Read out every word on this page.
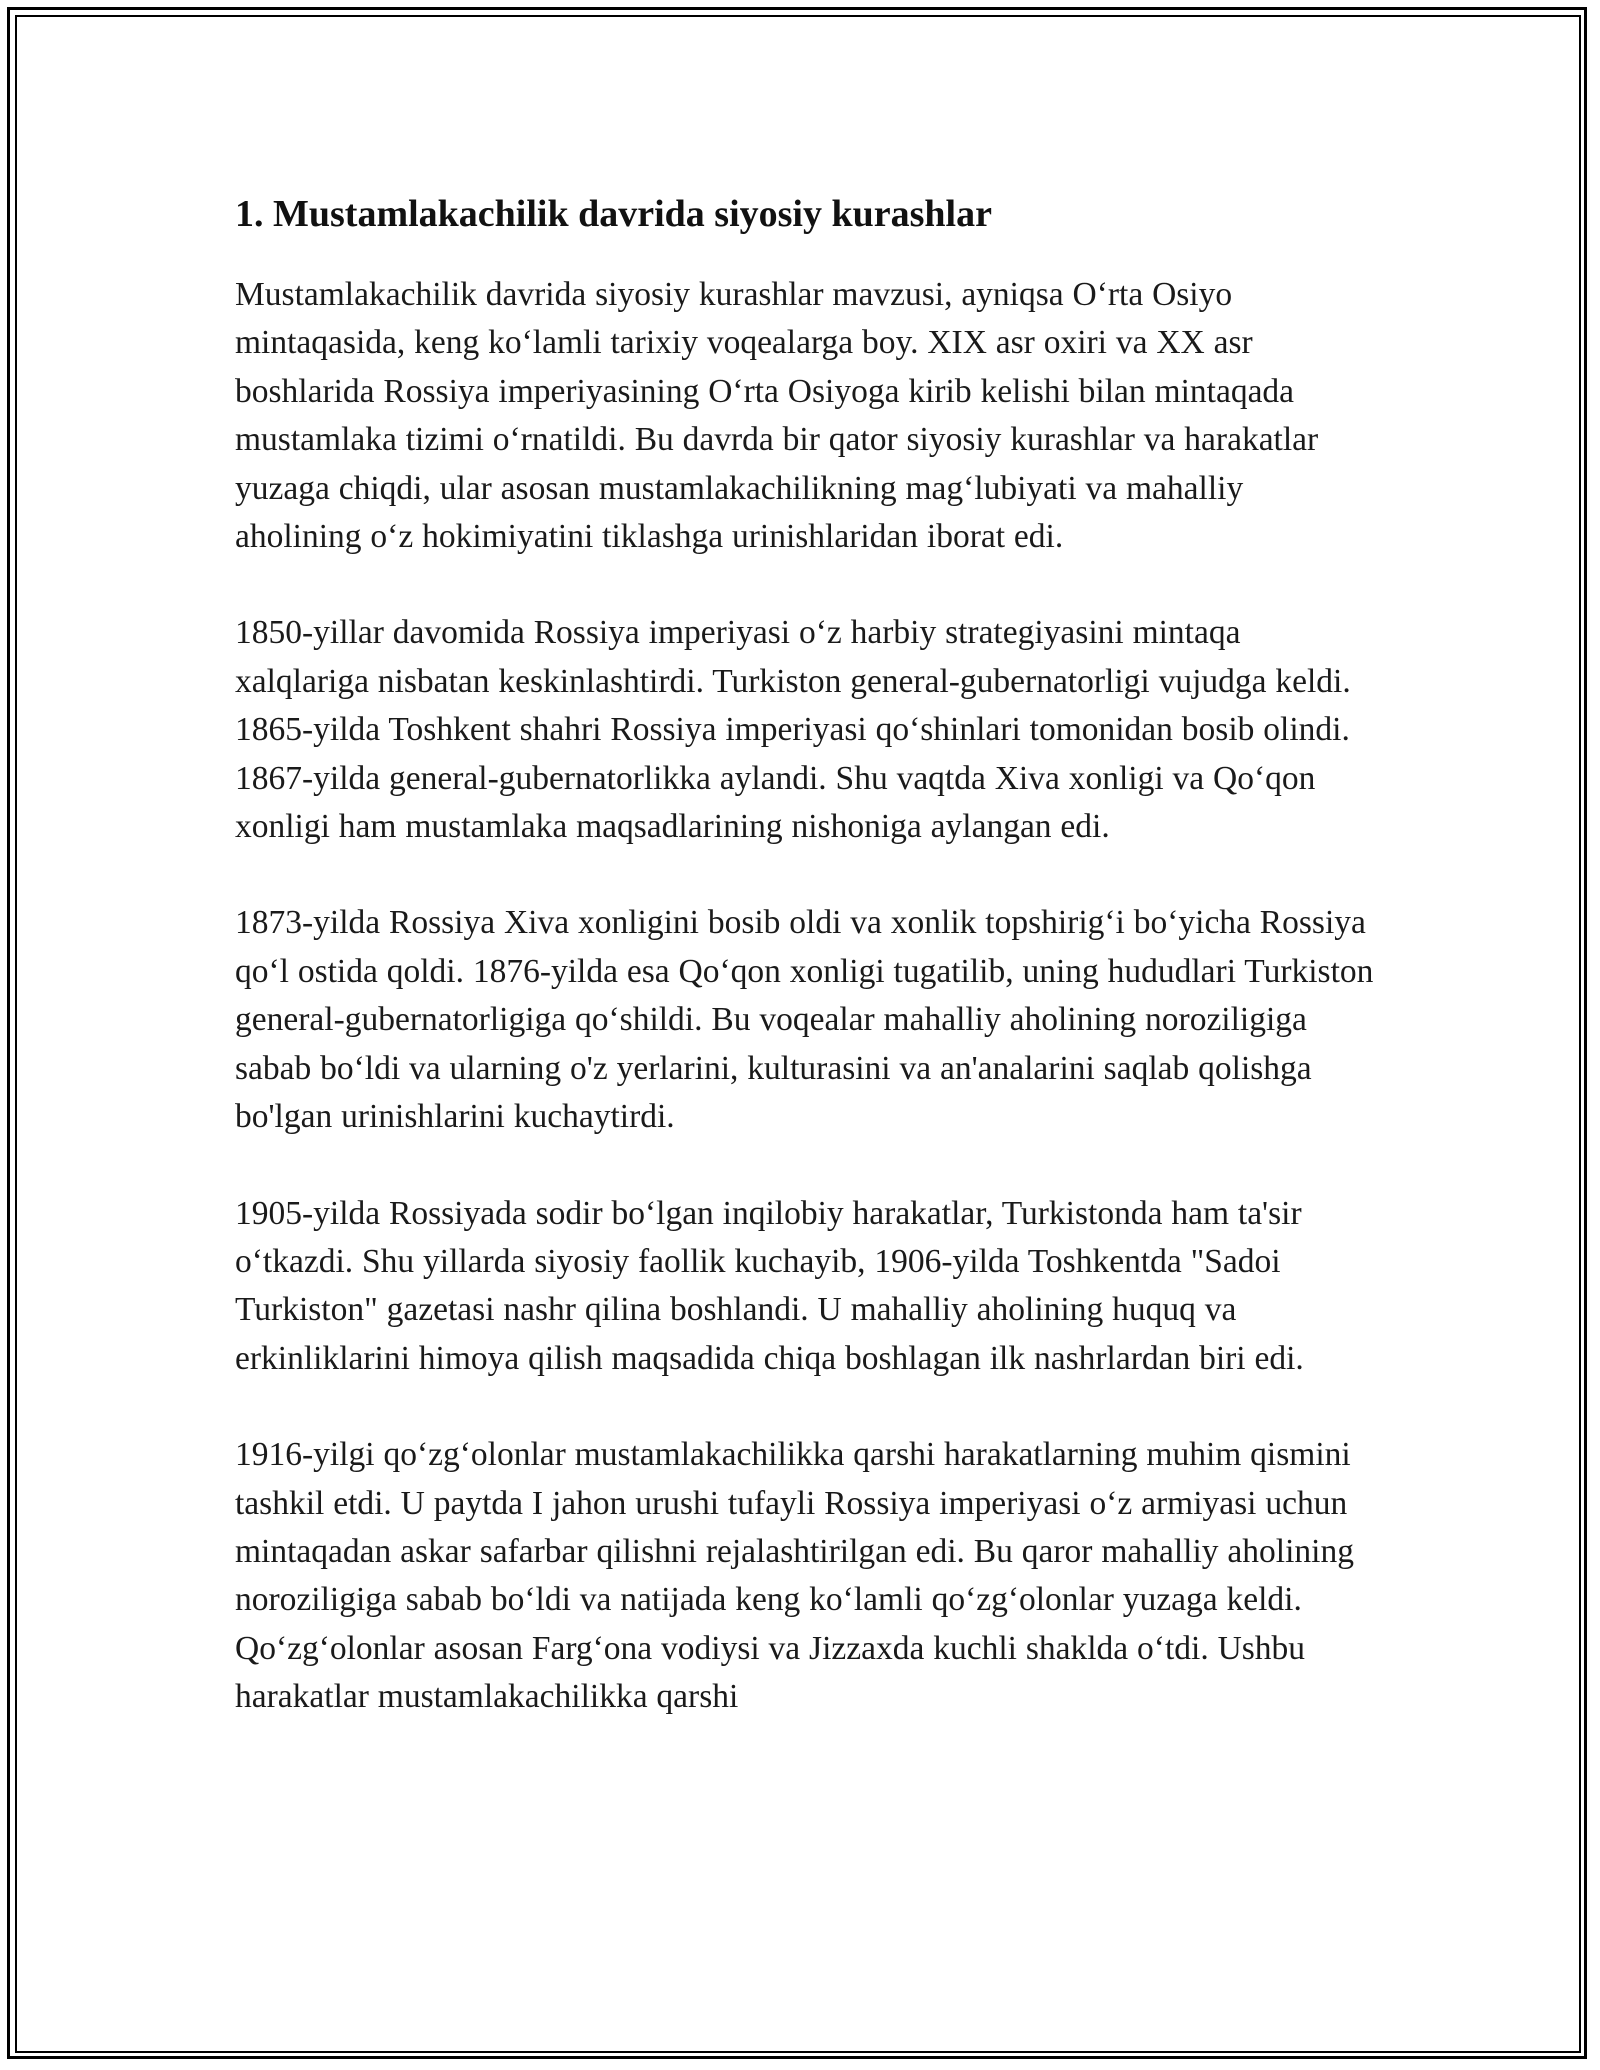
1. Mustamlakachilik davrida siyosiy kurashlar

Mustamlakachilik davrida siyosiy kurashlar mavzusi, ayniqsa O‘rta Osiyo mintaqasida, keng ko‘lamli tarixiy voqealarga boy. XIX asr oxiri va XX asr boshlarida Rossiya imperiyasining O‘rta Osiyoga kirib kelishi bilan mintaqada mustamlaka tizimi o‘rnatildi. Bu davrda bir qator siyosiy kurashlar va harakatlar yuzaga chiqdi, ular asosan mustamlakachilikning mag‘lubiyati va mahalliy aholining o‘z hokimiyatini tiklashga urinishlaridan iborat edi.

1850-yillar davomida Rossiya imperiyasi o‘z harbiy strategiyasini mintaqa xalqlariga nisbatan keskinlashtirdi. Turkiston general-gubernatorligi vujudga keldi. 1865-yilda Toshkent shahri Rossiya imperiyasi qo‘shinlari tomonidan bosib olindi. 1867-yilda general-gubernatorlikka aylandi. Shu vaqtda Xiva xonligi va Qo‘qon xonligi ham mustamlaka maqsadlarining nishoniga aylangan edi.

1873-yilda Rossiya Xiva xonligini bosib oldi va xonlik topshirig‘i bo‘yicha Rossiya qo‘l ostida qoldi. 1876-yilda esa Qo‘qon xonligi tugatilib, uning hududlari Turkiston general-gubernatorligiga qo‘shildi. Bu voqealar mahalliy aholining noroziligiga sabab bo‘ldi va ularning o'z yerlarini, kulturasini va an'analarini saqlab qolishga bo'lgan urinishlarini kuchaytirdi.

1905-yilda Rossiyada sodir bo‘lgan inqilobiy harakatlar, Turkistonda ham ta'sir o‘tkazdi. Shu yillarda siyosiy faollik kuchayib, 1906-yilda Toshkentda "Sadoi Turkiston" gazetasi nashr qilina boshlandi. U mahalliy aholining huquq va erkinliklarini himoya qilish maqsadida chiqa boshlagan ilk nashrlardan biri edi.

1916-yilgi qo‘zg‘olonlar mustamlakachilikka qarshi harakatlarning muhim qismini tashkil etdi. U paytda I jahon urushi tufayli Rossiya imperiyasi o‘z armiyasi uchun mintaqadan askar safarbar qilishni rejalashtirilgan edi. Bu qaror mahalliy aholining noroziligiga sabab bo‘ldi va natijada keng ko‘lamli qo‘zg‘olonlar yuzaga keldi. Qo‘zg‘olonlar asosan Farg‘ona vodiysi va Jizzaxda kuchli shaklda o‘tdi. Ushbu harakatlar mustamlakachilikka qarshi
